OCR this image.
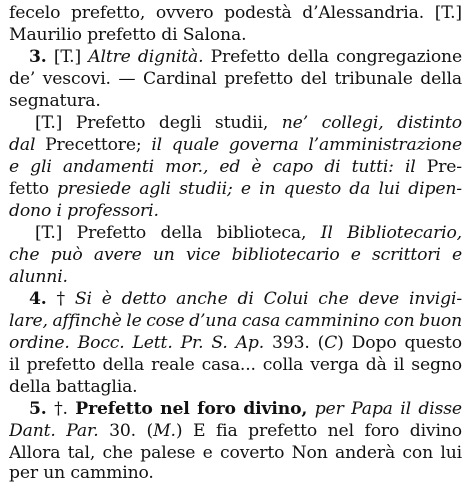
fecelo prefetto, ovvero podestà d’Alessandria. [T.]
Maurilio prefetto di Salona.
3. [T.] Altre dignità. Prefetto della congregazione
de’ vescovi. — Cardinal prefetto del tribunale della
segnatura.
[T.] Prefetto degli studii, ne’ collegi, distinto
dal Precettore; il quale governa l’amministrazione
e gli andamenti mor., ed è capo di tutti: il Pre-
fetto presiede agli studii; e in questo da lui dipen-
dono i professori.
[T.] Prefetto della biblioteca, Il Bibliotecario,
che può avere un vice bibliotecario e scrittori e
alunni.
4. † Si è detto anche di Colui che deve invigi-
lare, affinchè le cose d’una casa camminino con buon
ordine. Bocc. Lett. Pr. S. Ap. 393. (C) Dopo questo
il prefetto della reale casa... colla verga dà il segno
della battaglia.
5. †. Prefetto nel foro divino, per Papa il disse
Dant. Par. 30. (M.) E fia prefetto nel foro divino
Allora tal, che palese e coverto Non anderà con lui
per un cammino.
